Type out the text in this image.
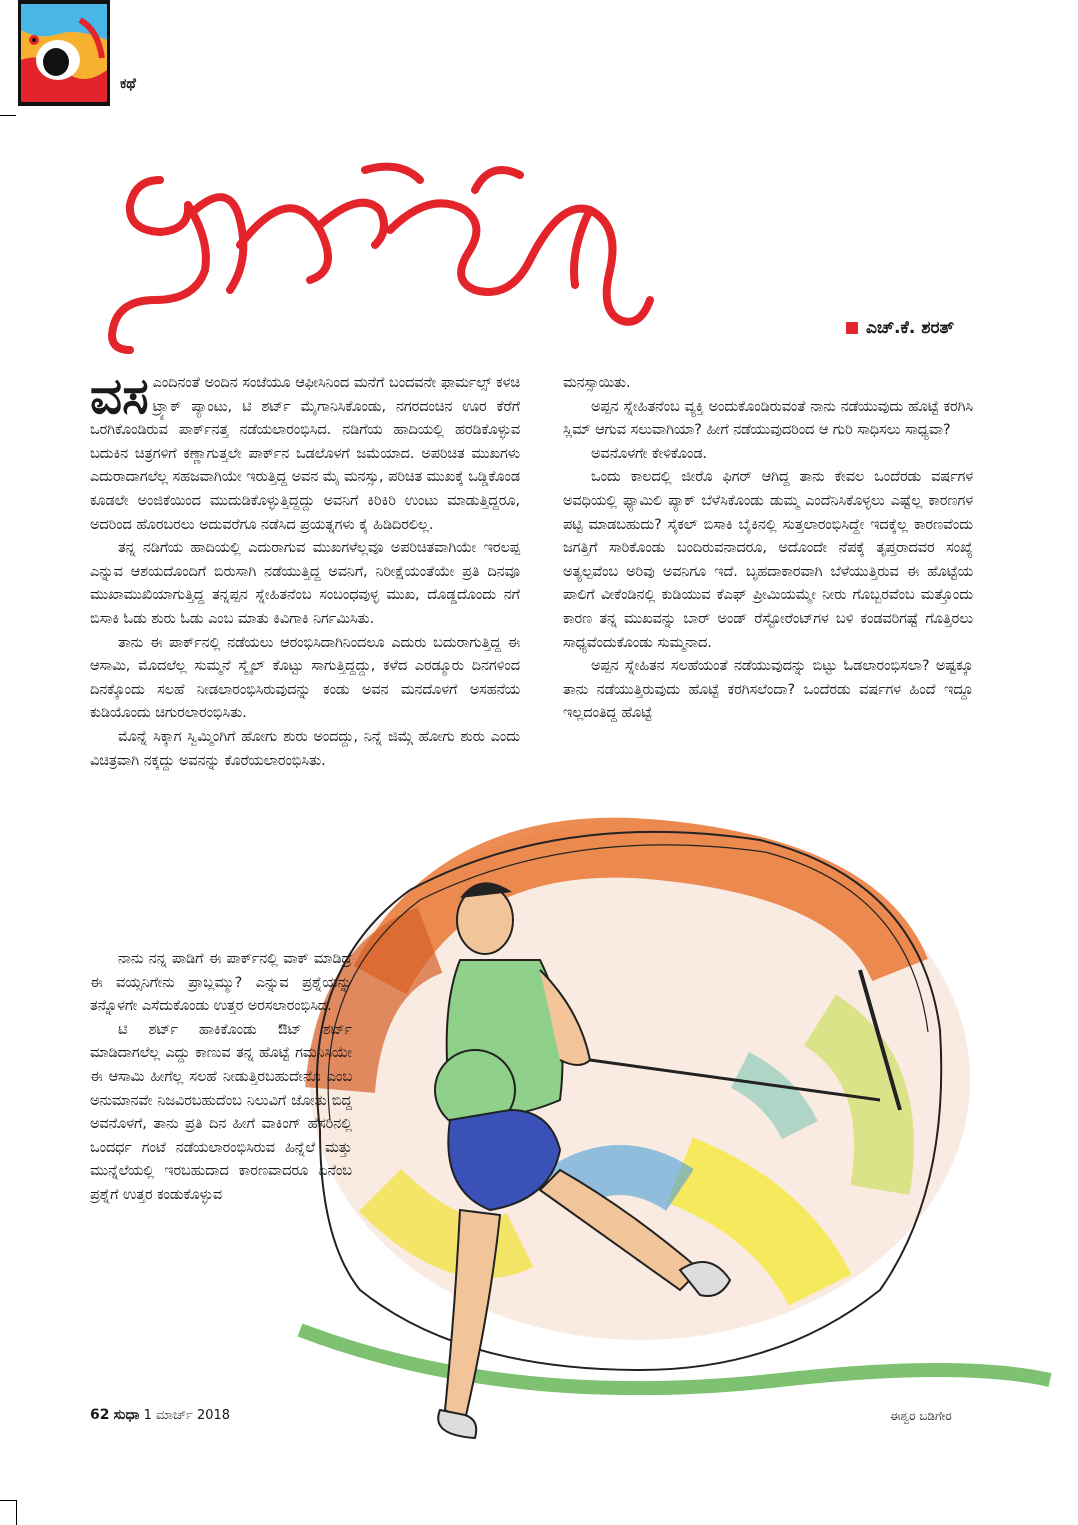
ಕಥೆ
ಎಚ್.ಕೆ. ಶರತ್

ವಸ ಎಂದಿನಂತೆ ಅಂದಿನ ಸಂಜೆಯೂ ಆಫೀಸಿನಿಂದ ಮನೆಗೆ ಬಂದವನೇ ಫಾರ್ಮಲ್ಸ್ ಕಳಚಿ ಟ್ರ್ಯಾಕ್ ಪ್ಯಾಂಟು, ಟಿ ಶರ್ಟ್ ಮೈಗಾನಿಸಿಕೊಂಡು, ನಗರದಂಚಿನ ಊರ ಕೆರೆಗೆ ಒರಗಿಕೊಂಡಿರುವ ಪಾರ್ಕ್‌ನತ್ತ ನಡೆಯಲಾರಂಭಿಸಿದ. ನಡಿಗೆಯ ಹಾದಿಯಲ್ಲಿ ಹರಡಿಕೊಳ್ಳುವ ಬದುಕಿನ ಚಿತ್ರಗಳಿಗೆ ಕಣ್ಣಾಗುತ್ತಲೇ ಪಾರ್ಕ್‌ನ ಒಡಲೊಳಗೆ ಜಮೆಯಾದ. ಅಪರಿಚಿತ ಮುಖಗಳು ಎದುರಾದಾಗಲೆಲ್ಲ ಸಹಜವಾಗಿಯೇ ಇರುತ್ತಿದ್ದ ಅವನ ಮೈ ಮನಸ್ಸು, ಪರಿಚಿತ ಮುಖಕ್ಕೆ ಒಡ್ಡಿಕೊಂಡ ಕೂಡಲೇ ಅಂಜಿಕೆಯಿಂದ ಮುದುಡಿಕೊಳ್ಳುತ್ತಿದ್ದದ್ದು ಅವನಿಗೆ ಕಿರಿಕಿರಿ ಉಂಟು ಮಾಡುತ್ತಿದ್ದರೂ, ಅದರಿಂದ ಹೊರಬರಲು ಅದುವರೆಗೂ ನಡೆಸಿದ ಪ್ರಯತ್ನಗಳು ಕೈ ಹಿಡಿದಿರಲಿಲ್ಲ.

ತನ್ನ ನಡಿಗೆಯ ಹಾದಿಯಲ್ಲಿ ಎದುರಾಗುವ ಮುಖಗಳೆಲ್ಲವೂ ಅಪರಿಚಿತವಾಗಿಯೇ ಇರಲಪ್ಪ ಎನ್ನುವ ಆಶಯದೊಂದಿಗೆ ಬಿರುಸಾಗಿ ನಡೆಯುತ್ತಿದ್ದ ಅವನಿಗೆ, ನಿರೀಕ್ಷೆಯಂತೆಯೇ ಪ್ರತಿ ದಿನವೂ ಮುಖಾಮುಖಿಯಾಗುತ್ತಿದ್ದ ತನ್ನಪ್ಪನ ಸ್ನೇಹಿತನೆಂಬ ಸಂಬಂಧವುಳ್ಳ ಮುಖ, ದೊಡ್ಡದೊಂದು ನಗೆ ಬಿಸಾಕಿ ಓಡು ಶುರು ಓಡು ಎಂಬ ಮಾತು ಕಿವಿಗಾಕಿ ನಿರ್ಗಮಿಸಿತು.

ತಾನು ಈ ಪಾರ್ಕ್‌ನಲ್ಲಿ ನಡೆಯಲು ಆರಂಭಿಸಿದಾಗಿನಿಂದಲೂ ಎದುರು ಬದುರಾಗುತ್ತಿದ್ದ ಈ ಆಸಾಮಿ, ಮೊದಲೆಲ್ಲ ಸುಮ್ಮನೆ ಸ್ಮೈಲ್ ಕೊಟ್ಟು ಸಾಗುತ್ತಿದ್ದದ್ದು, ಕಳೆದ ಎರಡ್ಮೂರು ದಿನಗಳಿಂದ ದಿನಕ್ಕೊಂದು ಸಲಹೆ ನೀಡಲಾರಂಭಿಸಿರುವುದನ್ನು ಕಂಡು ಅವನ ಮನದೊಳಗೆ ಅಸಹನೆಯ ಕುಡಿಯೊಂದು ಚಿಗುರಲಾರಂಭಿಸಿತು.

ಮೊನ್ನೆ ಸಿಕ್ಕಾಗ ಸ್ವಿಮ್ಮಿಂಗಿಗೆ ಹೋಗು ಶುರು ಅಂದದ್ದು, ನಿನ್ನೆ ಜಿಮ್ಗೆ ಹೋಗು ಶುರು ಎಂದು ವಿಚಿತ್ರವಾಗಿ ನಕ್ಕದ್ದು ಅವನನ್ನು ಕೊರೆಯಲಾರಂಭಿಸಿತು.

ನಾನು ನನ್ನ ಪಾಡಿಗೆ ಈ ಪಾರ್ಕ್‌ನಲ್ಲಿ ವಾಕ್ ಮಾಡಿದ್ರೆ ಈ ವಯ್ಸನಿಗೇನು ಪ್ರಾಬ್ಲಮ್ಮು? ಎನ್ನುವ ಪ್ರಶ್ನೆಯನ್ನು ತನ್ನೊಳಗೇ ಎಸೆದುಕೊಂಡು ಉತ್ತರ ಅರಸಲಾರಂಭಿಸಿದ.

ಟಿ ಶರ್ಟ್ ಹಾಕಿಕೊಂಡು ಔಟ್ ಶರ್ಟ್ ಮಾಡಿದಾಗಲೆಲ್ಲ ಎದ್ದು ಕಾಣುವ ತನ್ನ ಹೊಟ್ಟೆ ಗಮನಿಸಿಯೇ ಈ ಆಸಾಮಿ ಹೀಗೆಲ್ಲ ಸಲಹೆ ನೀಡುತ್ತಿರಬಹುದೇನೊ ಎಂಬ ಅನುಮಾನವೇ ನಿಜವಿರಬಹುದೆಂಬ ನಿಲುವಿಗೆ ಜೋತು ಬಿದ್ದ ಅವನೊಳಗೆ, ತಾನು ಪ್ರತಿ ದಿನ ಹೀಗೆ ವಾಕಿಂಗ್ ಹೆಸರಿನಲ್ಲಿ ಒಂದರ್ಧ ಗಂಟೆ ನಡೆಯಲಾರಂಭಿಸಿರುವ ಹಿನ್ನೆಲೆ ಮತ್ತು ಮುನ್ನೆಲೆಯಲ್ಲಿ ಇರಬಹುದಾದ ಕಾರಣವಾದರೂ ಏನೆಂಬ ಪ್ರಶ್ನೆಗೆ ಉತ್ತರ ಕಂಡುಕೊಳ್ಳುವ

ಮನಸ್ಸಾಯಿತು.

ಅಪ್ಪನ ಸ್ನೇಹಿತನೆಂಬ ವ್ಯಕ್ತಿ ಅಂದುಕೊಂಡಿರುವಂತೆ ನಾನು ನಡೆಯುವುದು ಹೊಟ್ಟೆ ಕರಗಿಸಿ ಸ್ಲಿಮ್ ಆಗುವ ಸಲುವಾಗಿಯಾ? ಹೀಗೆ ನಡೆಯುವುದರಿಂದ ಆ ಗುರಿ ಸಾಧಿಸಲು ಸಾಧ್ಯವಾ?

ಅವನೊಳಗೇ ಕೇಳಿಕೊಂಡ.

ಒಂದು ಕಾಲದಲ್ಲಿ ಜೀರೊ ಫಿಗರ್ ಆಗಿದ್ದ ತಾನು ಕೇವಲ ಒಂದೆರಡು ವರ್ಷಗಳ ಅವಧಿಯಲ್ಲಿ ಫ್ಯಾಮಿಲಿ ಪ್ಯಾಕ್ ಬೆಳೆಸಿಕೊಂಡು ಡುಮ್ಮ ಎಂದೆನಿಸಿಕೊಳ್ಳಲು ಎಷ್ಟೆಲ್ಲ ಕಾರಣಗಳ ಪಟ್ಟಿ ಮಾಡಬಹುದು? ಸೈಕಲ್ ಬಿಸಾಕಿ ಬೈಕಿನಲ್ಲಿ ಸುತ್ತಲಾರಂಭಿಸಿದ್ದೇ ಇದಕ್ಕೆಲ್ಲ ಕಾರಣವೆಂದು ಜಗತ್ತಿಗೆ ಸಾರಿಕೊಂಡು ಬಂದಿರುವನಾದರೂ, ಅದೊಂದೇ ನೆಪಕ್ಕೆ ತೃಪ್ತರಾದವರ ಸಂಖ್ಯೆ ಅತ್ಯಲ್ಪವೆಂಬ ಅರಿವು ಅವನಿಗೂ ಇದೆ. ಬೃಹದಾಕಾರವಾಗಿ ಬೆಳೆಯುತ್ತಿರುವ ಈ ಹೊಟ್ಟೆಯ ಪಾಲಿಗೆ ವೀಕೆಂಡಿನಲ್ಲಿ ಕುಡಿಯುವ ಕೆಎಫ್ ಪ್ರೀಮಿಯಮ್ಮೇ ನೀರು ಗೊಬ್ಬರವೆಂಬ ಮತ್ತೊಂದು ಕಾರಣ ತನ್ನ ಮುಖವನ್ನು ಬಾರ್ ಅಂಡ್ ರೆಸ್ಟೋರೆಂಟ್‌ಗಳ ಬಳಿ ಕಂಡವರಿಗಷ್ಟೆ ಗೊತ್ತಿರಲು ಸಾಧ್ಯವೆಂದುಕೊಂಡು ಸುಮ್ಮನಾದ.

ಅಪ್ಪನ ಸ್ನೇಹಿತನ ಸಲಹೆಯಂತೆ ನಡೆಯುವುದನ್ನು ಬಿಟ್ಟು ಓಡಲಾರಂಭಿಸಲಾ? ಅಷ್ಟಕ್ಕೂ ತಾನು ನಡೆಯುತ್ತಿರುವುದು ಹೊಟ್ಟೆ ಕರಗಿಸಲೆಂದಾ? ಒಂದೆರಡು ವರ್ಷಗಳ ಹಿಂದೆ ಇದ್ದೂ ಇಲ್ಲದಂತಿದ್ದ ಹೊಟ್ಟೆ

62 ಸುಧಾ 1 ಮಾರ್ಚ್ 2018	ಈಶ್ವರ ಬಡಿಗೇರ
